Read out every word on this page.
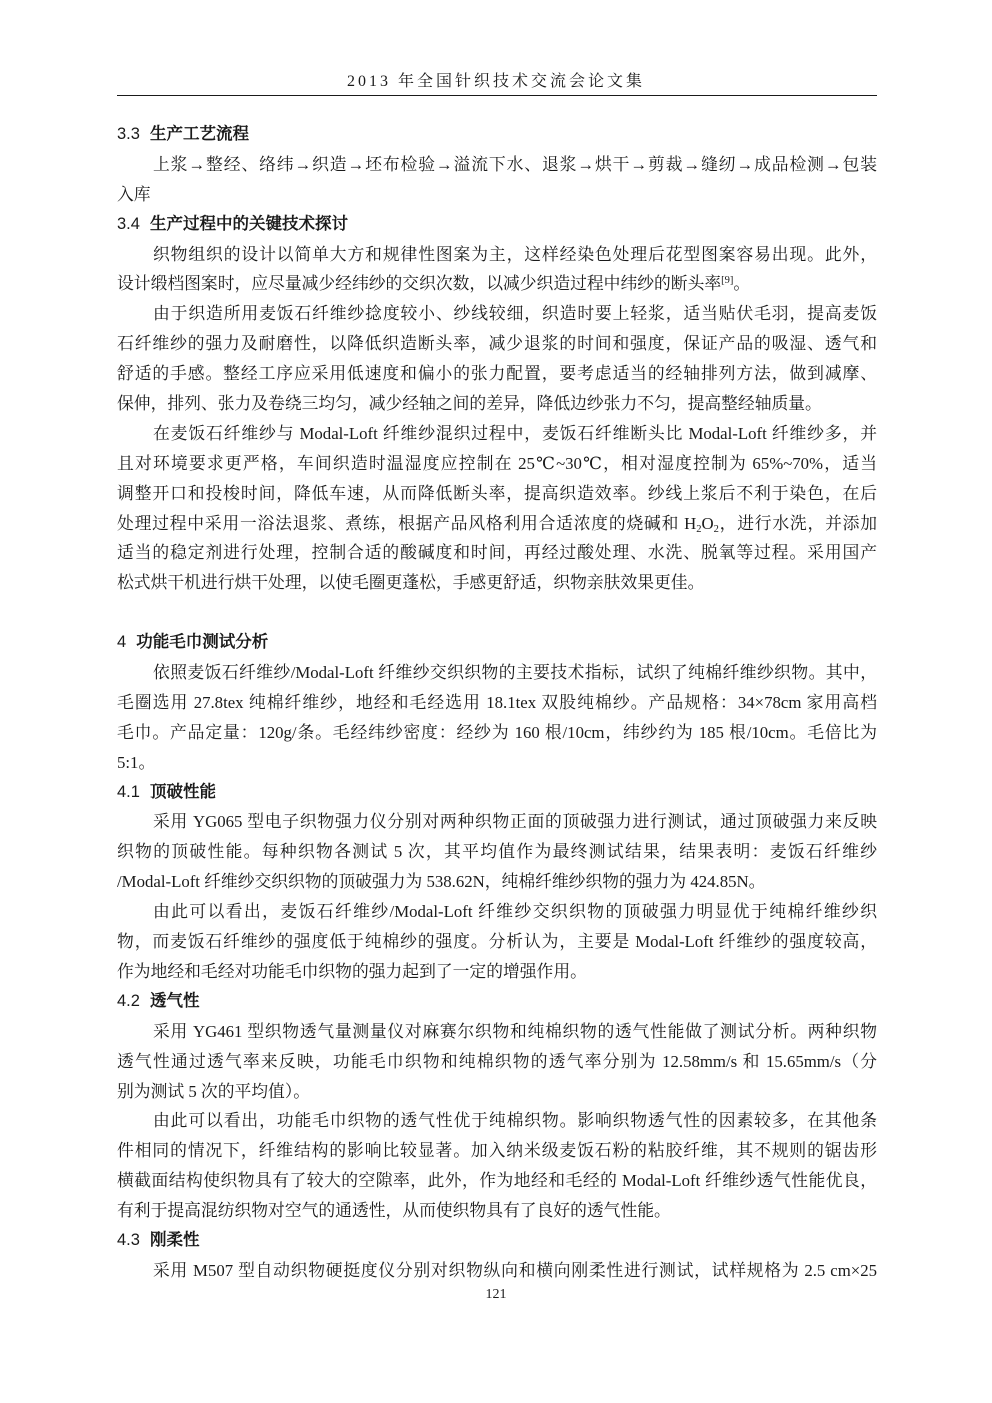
2013 年全国针织技术交流会论文集
3.3 生产工艺流程
上浆→整经、络纬→织造→坯布检验→溢流下水、退浆→烘干→剪裁→缝纫→成品检测→包装
入库
3.4 生产过程中的关键技术探讨
织物组织的设计以简单大方和规律性图案为主，这样经染色处理后花型图案容易出现。此外，
设计缎档图案时，应尽量减少经纬纱的交织次数，以减少织造过程中纬纱的断头率[9]。
由于织造所用麦饭石纤维纱捻度较小、纱线较细，织造时要上轻浆，适当贴伏毛羽，提高麦饭
石纤维纱的强力及耐磨性，以降低织造断头率，减少退浆的时间和强度，保证产品的吸湿、透气和
舒适的手感。整经工序应采用低速度和偏小的张力配置，要考虑适当的经轴排列方法，做到减摩、
保伸，排列、张力及卷绕三均匀，减少经轴之间的差异，降低边纱张力不匀，提高整经轴质量。
在麦饭石纤维纱与 Modal-Loft 纤维纱混织过程中，麦饭石纤维断头比 Modal-Loft 纤维纱多，并
且对环境要求更严格，车间织造时温湿度应控制在 25℃~30℃，相对湿度控制为 65%~70%，适当
调整开口和投梭时间，降低车速，从而降低断头率，提高织造效率。纱线上浆后不利于染色，在后
处理过程中采用一浴法退浆、煮练，根据产品风格利用合适浓度的烧碱和 $H_2O_2$，进行水洗，并添加
适当的稳定剂进行处理，控制合适的酸碱度和时间，再经过酸处理、水洗、脱氧等过程。采用国产
松式烘干机进行烘干处理，以使毛圈更蓬松，手感更舒适，织物亲肤效果更佳。
4 功能毛巾测试分析
依照麦饭石纤维纱/Modal-Loft 纤维纱交织织物的主要技术指标，试织了纯棉纤维纱织物。其中，
毛圈选用 27.8tex 纯棉纤维纱，地经和毛经选用 18.1tex 双股纯棉纱。产品规格：34×78cm 家用高档
毛巾。产品定量：120g/条。毛经纬纱密度：经纱为 160 根/10cm，纬纱约为 185 根/10cm。毛倍比为
5:1。
4.1 顶破性能
采用 YG065 型电子织物强力仪分别对两种织物正面的顶破强力进行测试，通过顶破强力来反映
织物的顶破性能。每种织物各测试 5 次，其平均值作为最终测试结果，结果表明：麦饭石纤维纱
/Modal-Loft 纤维纱交织织物的顶破强力为 538.62N，纯棉纤维纱织物的强力为 424.85N。
由此可以看出，麦饭石纤维纱/Modal-Loft 纤维纱交织织物的顶破强力明显优于纯棉纤维纱织
物，而麦饭石纤维纱的强度低于纯棉纱的强度。分析认为，主要是 Modal-Loft 纤维纱的强度较高，
作为地经和毛经对功能毛巾织物的强力起到了一定的增强作用。
4.2 透气性
采用 YG461 型织物透气量测量仪对麻赛尔织物和纯棉织物的透气性能做了测试分析。两种织物
透气性通过透气率来反映，功能毛巾织物和纯棉织物的透气率分别为 12.58mm/s 和 15.65mm/s（分
别为测试 5 次的平均值）。
由此可以看出，功能毛巾织物的透气性优于纯棉织物。影响织物透气性的因素较多，在其他条
件相同的情况下，纤维结构的影响比较显著。加入纳米级麦饭石粉的粘胶纤维，其不规则的锯齿形
横截面结构使织物具有了较大的空隙率，此外，作为地经和毛经的 Modal-Loft 纤维纱透气性能优良，
有利于提高混纺织物对空气的通透性，从而使织物具有了良好的透气性能。
4.3 刚柔性
采用 M507 型自动织物硬挺度仪分别对织物纵向和横向刚柔性进行测试，试样规格为 2.5 cm×25
121
